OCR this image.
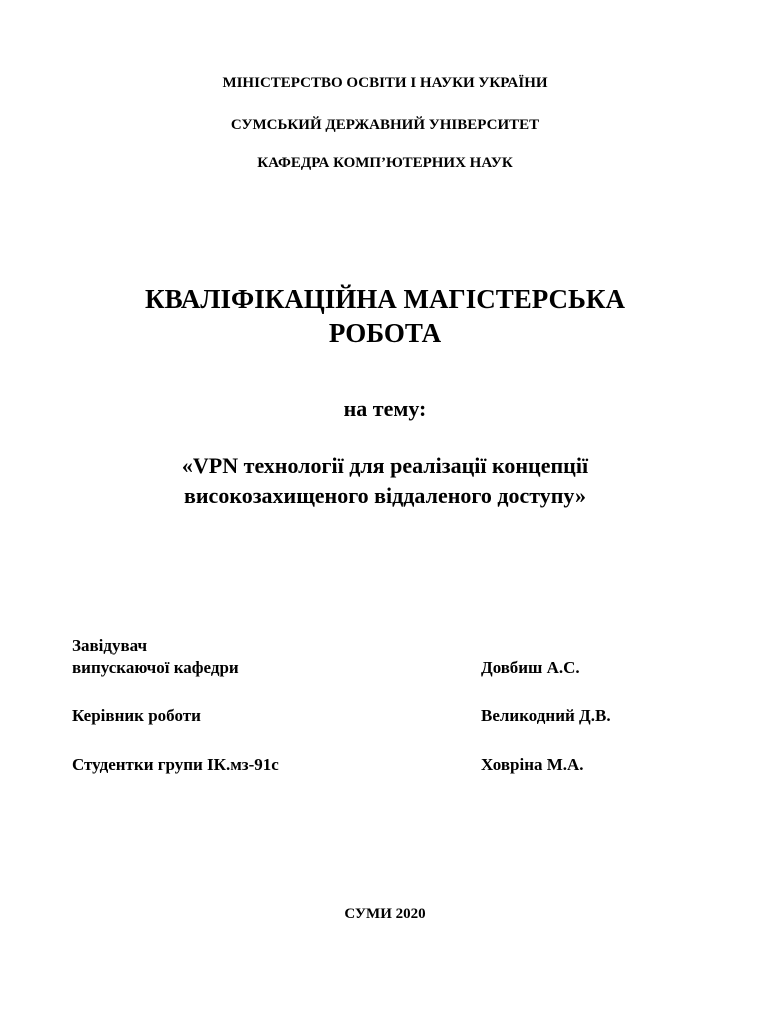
МІНІСТЕРСТВО ОСВІТИ І НАУКИ УКРАЇНИ
СУМСЬКИЙ ДЕРЖАВНИЙ УНІВЕРСИТЕТ
КАФЕДРА КОМП’ЮТЕРНИХ НАУК
КВАЛІФІКАЦІЙНА МАГІСТЕРСЬКА
РОБОТА
на тему:
«VPN технології для реалізації концепції
високозахищеного віддаленого доступу»
Завідувач
випускаючої кафедри	Довбиш А.С.
Керівник роботи	Великодний Д.В.
Студентки групи ІК.мз-91с	Ховріна М.А.
СУМИ 2020
